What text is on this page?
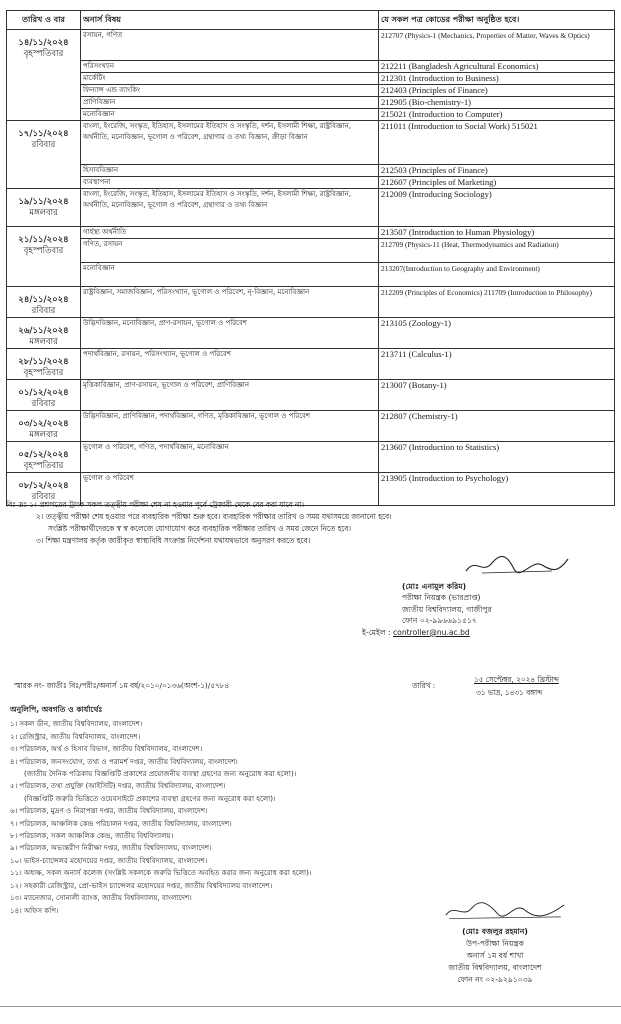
তারিখ ও বার	অনার্স বিষয়	যে সকল পত্র কোডের পরীক্ষা অনুষ্ঠিত হবে।

১৪/১১/২০২৪
বৃহস্পতিবার	রসায়ন, গণিত	212707 (Physics-1 (Mechanics, Properties of Matter, Waves & Optics)
	পরিসংখ্যান	212211 (Bangladesh Agricultural Economics)
	মার্কেটিং	212301 (Introduction to Business)
	ফিন্যান্স এন্ড ব্যাংকিং	212403 (Principles of Finance)
	প্রাণিবিজ্ঞান	212905 (Bio-chemistry-1)
	মনোবিজ্ঞান	215021 (Introduction to Computer)

১৭/১১/২০২৪
রবিবার	বাংলা, ইংরেজি, সংস্কৃত, ইতিহাস, ইসলামের ইতিহাস ও সংস্কৃতি, দর্শন, ইসলামী শিক্ষা, রাষ্ট্রবিজ্ঞান, অর্থনীতি, মনোবিজ্ঞান, ভূগোল ও পরিবেশ, গ্রন্থাগার ও তথ্য বিজ্ঞান, ক্রীড়া বিজ্ঞান	211011 (Introduction to Social Work) 515021
	হিসাববিজ্ঞান	212503 (Principles of Finance)
	ব্যবস্থাপনা	212607 (Principles of Marketing)

১৯/১১/২০২৪
মঙ্গলবার	বাংলা, ইংরেজি, সংস্কৃত, ইতিহাস, ইসলামের ইতিহাস ও সংস্কৃতি, দর্শন, ইসলামী শিক্ষা, রাষ্ট্রবিজ্ঞান, অর্থনীতি, মনোবিজ্ঞান, ভূগোল ও পরিবেশ, গ্রন্থাগার ও তথ্য বিজ্ঞান	212009 (Introducing Sociology)

২১/১১/২০২৪
বৃহস্পতিবার	গার্হস্থ্য অর্থনীতি	213507 (Introduction to Human Physiology)
	গণিত, রসায়ন	212709 (Physics-11 (Heat, Thermodynamics and Radiation)
	মনোবিজ্ঞান	213207(Introduction to Geography and Environment)

২৪/১১/২০২৪
রবিবার	রাষ্ট্রবিজ্ঞান, সমাজবিজ্ঞান, পরিসংখ্যান, ভূগোল ও পরিবেশ, নৃ-বিজ্ঞান, মনোবিজ্ঞান	212209 (Principles of Economics) 211709 (Introduction to Philosophy)

২৬/১১/২০২৪
মঙ্গলবার	উদ্ভিদবিজ্ঞান, মনোবিজ্ঞান, প্রাণ-রসায়ন, ভূগোল ও পরিবেশ	213105 (Zoology-1)

২৮/১১/২০২৪
বৃহস্পতিবার	পদার্থবিজ্ঞান, রসায়ন, পরিসংখ্যান, ভূগোল ও পরিবেশ	213711 (Calculus-1)

০১/১২/২০২৪
রবিবার	মৃত্তিকাবিজ্ঞান, প্রাণ-রসায়ন, ভূগোল ও পরিবেশ, প্রাণিবিজ্ঞান	213007 (Botany-1)

০৩/১২/২০২৪
মঙ্গলবার	উদ্ভিদবিজ্ঞান, প্রাণিবিজ্ঞান, পদার্থবিজ্ঞান, গণিত, মৃত্তিকাবিজ্ঞান, ভূগোল ও পরিবেশ	212807 (Chemistry-1)

০৫/১২/২০২৪
বৃহস্পতিবার	ভূগোল ও পরিবেশ, গণিত, পদার্থবিজ্ঞান, মনোবিজ্ঞান	213607 (Introduction to Statistics)

০৮/১২/২০২৪
রবিবার	ভূগোল ও পরিবেশ	213905 (Introduction to Psychology)
বিঃ দ্রঃ ১। প্রশ্নপত্রের ট্রাংক সকল তত্ত্বীয় পরীক্ষা শেষ না হওয়ার পূর্বে ট্রেজারী থেকে বের করা যাবে না।
২। তত্ত্বীয় পরীক্ষা শেষ হওয়ার পরে ব্যবহারিক পরীক্ষা শুরু হবে। ব্যবহারিক পরীক্ষার তারিখ ও সময় যথাসময়ে জানানো হবে।
সংশ্লিষ্ট পরীক্ষার্থীদেরকে স্ব স্ব কলেজে যোগাযোগ করে ব্যবহারিক পরীক্ষার তারিখ ও সময় জেনে নিতে হবে।
৩। শিক্ষা মন্ত্রণালয় কর্তৃক জারীকৃত স্বাস্থ্যবিধি সংক্রান্ত নির্দেশনা যথাযথভাবে অনুসরণ করতে হবে।
(মোঃ এনামুল করিম)
পরীক্ষা নিয়ন্ত্রক (ভারপ্রাপ্ত)
জাতীয় বিশ্ববিদ্যালয়, গাজীপুর
ফোন ০২-৯৯৬৬৯১৫১৭
ই-মেইল : controller@nu.ac.bd
স্মারক নং- জাতীঃ বিঃ/পরীঃ/অনার্স ১ম বর্ষ/২০১০/০১৩৬(অংশ-১)/৫৭৮৪	তারিখ :
১৫ সেপ্টেম্বর, ২০২৪ খ্রিস্টাব্দ
৩১ ভাদ্র, ১৪৩১ বঙ্গাব্দ
অনুলিপি, অবগতি ও কার্যার্থেঃ
১। সকল ডীন, জাতীয় বিশ্ববিদ্যালয়, বাংলাদেশ।
২। রেজিস্ট্রার, জাতীয় বিশ্ববিদ্যালয়, বাংলাদেশ।
৩। পরিচালক, অর্থ ও হিসাব বিভাগ, জাতীয় বিশ্ববিদ্যালয়, বাংলাদেশ।
৪। পরিচালক, জনসংযোগ, তথ্য ও পরামর্শ দপ্তর, জাতীয় বিশ্ববিদ্যালয়, বাংলাদেশ।
(জাতীয় দৈনিক পত্রিকায় বিজ্ঞপ্তিটি প্রকাশের প্রয়োজনীয় ব্যবস্থা গ্রহণের জন্য অনুরোধ করা হলো)।
৫। পরিচালক, তথ্য প্রযুক্তি (আইসিটি) দপ্তর, জাতীয় বিশ্ববিদ্যালয়, বাংলাদেশ।
(বিজ্ঞপ্তিটি জরুরি ভিত্তিতে ওয়েবসাইটে প্রকাশের ব্যবস্থা গ্রহণের জন্য অনুরোধ করা হলো)।
৬। পরিচালক, মুদ্রণ ও নিরাপত্তা দপ্তর, জাতীয় বিশ্ববিদ্যালয়, বাংলাদেশ।
৭। পরিচালক, আঞ্চলিক কেন্দ্র পরিচালন দপ্তর, জাতীয় বিশ্ববিদ্যালয়, বাংলাদেশ।
৮। পরিচালক, সকল আঞ্চলিক কেন্দ্র, জাতীয় বিশ্ববিদ্যালয়।
৯। পরিচালক, অভ্যন্তরীণ নিরীক্ষা দপ্তর, জাতীয় বিশ্ববিদ্যালয়, বাংলাদেশ।
১০। ভাইস-চ্যান্সেলর মহোদয়ের দপ্তর, জাতীয় বিশ্ববিদ্যালয়, বাংলাদেশ।
১১। অধ্যক্ষ, সকল অনার্স কলেজ (সংশ্লিষ্ট সকলকে জরুরি ভিত্তিতে অবহিত করার জন্য অনুরোধ করা হলো)।
১২। সহকারী রেজিস্ট্রার, প্রো-ভাইস চ্যান্সেলর মহোদয়ের দপ্তর, জাতীয় বিশ্ববিদ্যালয় বাংলাদেশ।
১৩। ম্যানেজার, সোনালী ব্যাংক, জাতীয় বিশ্ববিদ্যালয়, বাংলাদেশ।
১৪। অফিস কপি।
(মোঃ বজলুর রহমান)
উপ-পরীক্ষা নিয়ন্ত্রক
অনার্স ১ম বর্ষ শাখা
জাতীয় বিশ্ববিদ্যালয়, বাংলাদেশ
ফোন নং ০২-৯২৯১০৩৯
